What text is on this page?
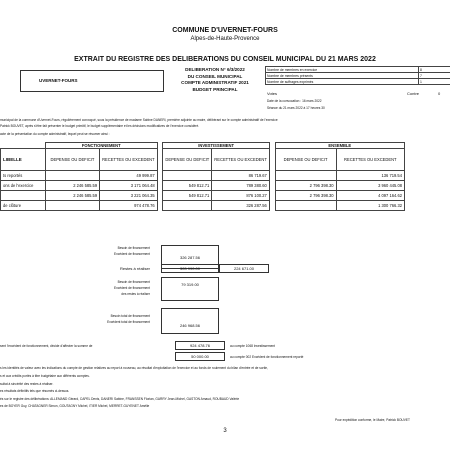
COMMUNE D'UVERNET-FOURS
Alpes-de-Haute-Provence
EXTRAIT DU REGISTRE DES DELIBERATIONS DU CONSEIL MUNICIPAL DU 21 MARS 2022
UVERNET-FOURS
DELIBERATION N° 6/3/2022
DU CONSEIL MUNICIPAL
COMPTE ADMINISTRATIF 2021
BUDGET PRINCIPAL
Nombre de membres en exercice	8
Nombre de membres présents	7
Nombre de suffrages exprimés	1
Votes	Contre	0
Date de la convocation : 16 mars 2022
Séance du 21 mars 2022 à 17 heures 30
municipal de la commune d'Uvernet-Fours, régulièrement convoqué, sous la présidence de madame Sabine DANERI, première adjointe au maire, délibérant sur le compte administratif de l'exercice
Patrick BOUVET, après s'être fait présenter le budget primitif, le budget supplémentaire et les décisions modificatives de l'exercice considéré.
acte de la présentation du compte administratif, lequel peut se résumer ainsi :
	FONCTIONNEMENT			INVESTISSEMENT			ENSEMBLE	
LIBELLE	DEPENSE OU DEFICIT	RECETTES OU EXCEDENT		DEPENSE OU DEFICIT	RECETTES OU EXCEDENT		DEPENSE OU DEFICIT	RECETTES OU EXCEDENT
ts reportés		49 999.87			86 719.67			136 719.54
ons de l'exercice	2 246 585.59	3 171 064.48		549 812.71	789 380.60		2 796 398.30	3 960 445.08
	2 246 585.59	3 221 064.35		549 812.71	876 100.27		2 796 398.30	4 097 164.62
de clôture		974 478.76			326 287.56			1 300 766.32
Besoin de financement
Excédent de financement
326 287.56
Restes à réaliser	303 990.00	224 671.00
Besoin de financement
Excédent de financement
des restes à réaliser
79 319.00
Besoin total de financement
Excédent total de financement
246 968.56
sent l'excédent de fonctionnement, décide d'affecter la somme de	924 478.76	au compte 1068 Investissement
50 000.00	au compte 002 Excédent de fonctionnement reporté
s les identités de valeur avec les indications du compte de gestion relatives au report à nouveau, au résultat d'exploitation de l'exercice et au fonds de roulement du bilan d'entrée et de sortie,
s et aux crédits portés à titre budgétaire aux différents comptes.
sultat à sincérité des restes à réaliser.
es résultats définitifs tels que résumés ci-dessus.
és sur le registre des délibérations: ALLEMAND Gérard, CAPEL Denis, DANERI Sabine, FRANSSEN Florian, GARRY Jean-Michel, GASTON Arnaud, ROUBAUD Valérie
es de BOYER Guy, CHATAGNER Simon, GOUTAGNY Michel, ITIER Michel, MERRET-GUYENET Amélie
Pour expédition conforme, le Maire, Patrick BOUVET
3
